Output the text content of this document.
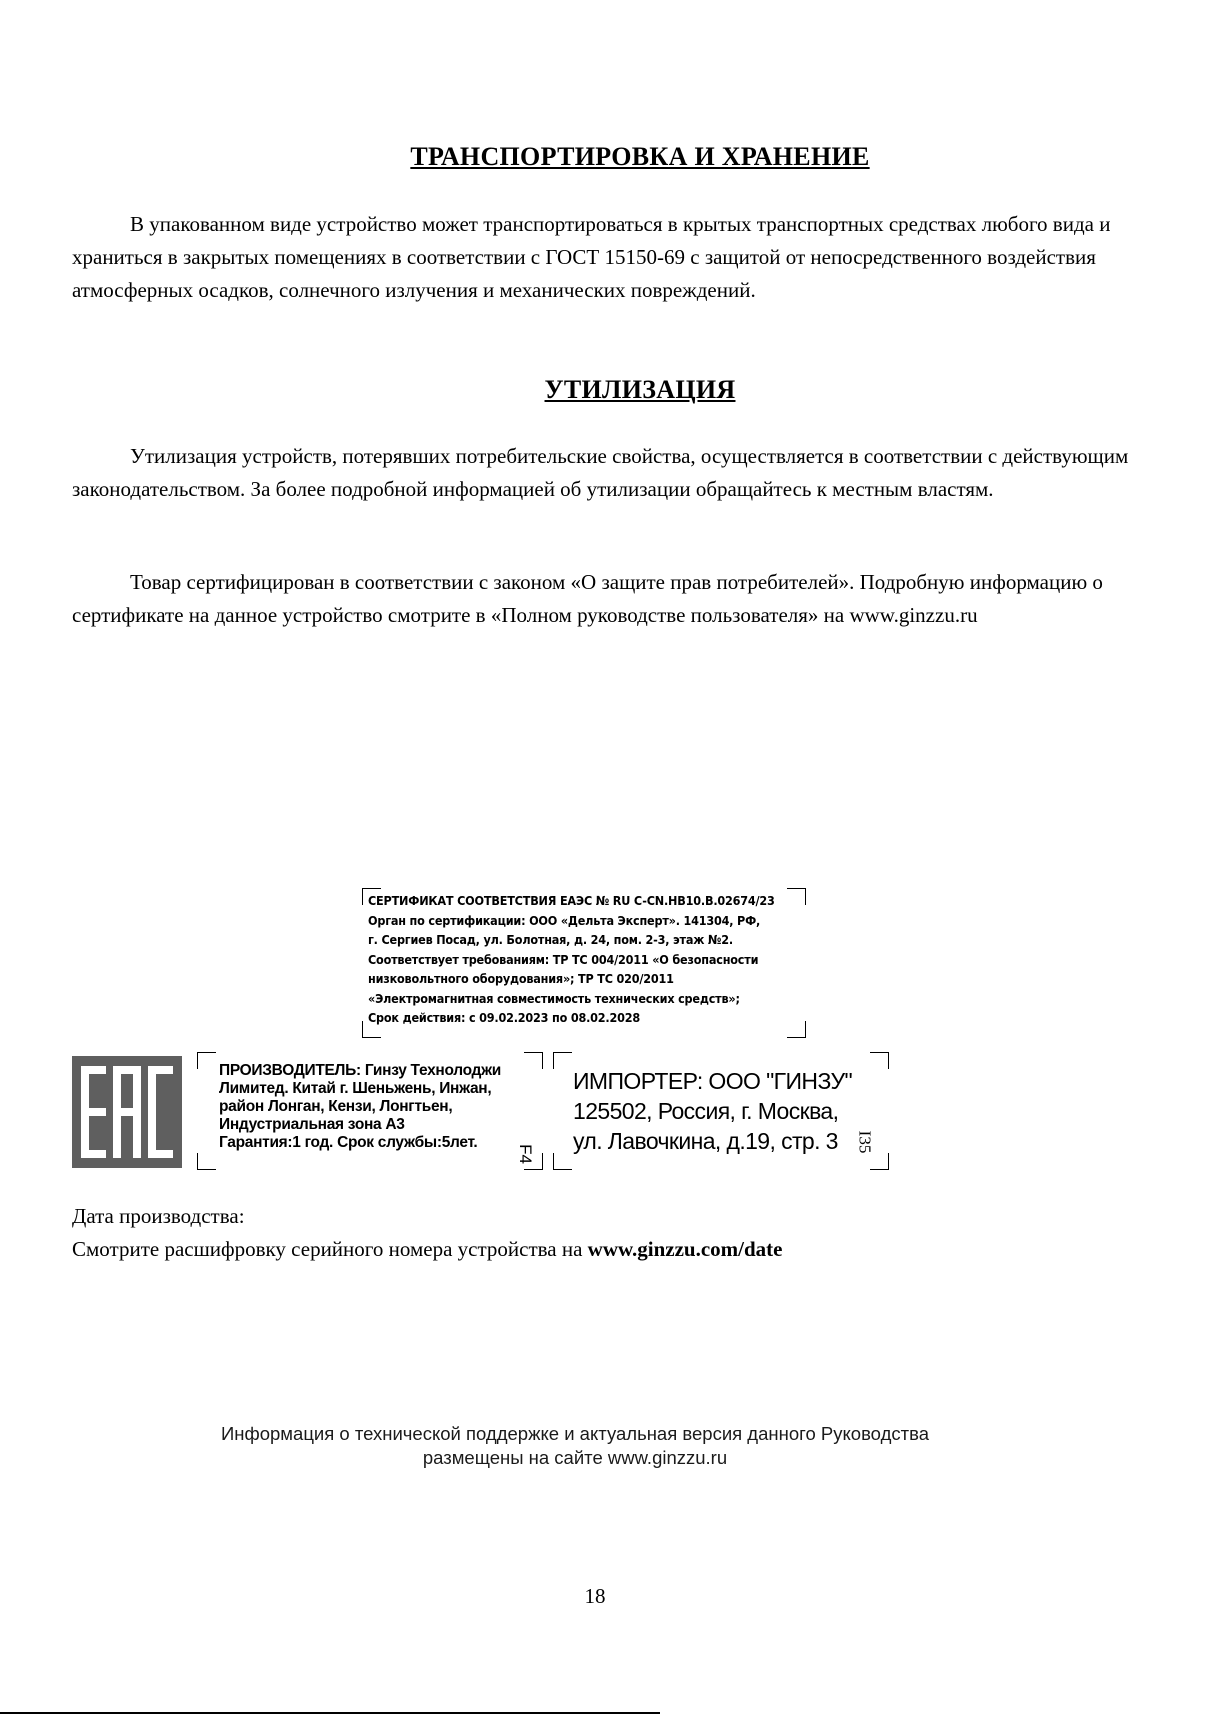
ТРАНСПОРТИРОВКА И ХРАНЕНИЕ

В упакованном виде устройство может транспортироваться в крытых транспортных средствах любого вида и храниться в закрытых помещениях в соответствии с ГОСТ 15150-69 с защитой от непосредственного воздействия атмосферных осадков, солнечного излучения и механических повреждений.

УТИЛИЗАЦИЯ

Утилизация устройств, потерявших потребительские свойства, осуществляется в соответствии с действующим законодательством. За более подробной информацией об утилизации обращайтесь к местным властям.

Товар сертифицирован в соответствии с законом «О защите прав потребителей». Подробную информацию о сертификате на данное устройство смотрите в «Полном руководстве пользователя» на www.ginzzu.ru

СЕРТИФИКАТ СООТВЕТСТВИЯ ЕАЭС № RU C-CN.HB10.B.02674/23
Орган по сертификации: ООО «Дельта Эксперт». 141304, РФ,
г. Сергиев Посад, ул. Болотная, д. 24, пом. 2-3, этаж №2.
Соответствует требованиям: ТР ТС 004/2011 «О безопасности
низковольтного оборудования»; ТР ТС 020/2011
«Электромагнитная совместимость технических средств»;
Срок действия: с 09.02.2023 по 08.02.2028
ПРОИЗВОДИТЕЛЬ: Гинзу Технолоджи
Лимитед. Китай г. Шеньжень, Инжан,
район Лонган, Кензи, Лонгтьен,
Индустриальная зона А3
Гарантия:1 год. Срок службы:5лет.
F4
ИМПОРТЕР: ООО "ГИНЗУ"
125502, Россия, г. Москва,
ул. Лавочкина, д.19, стр. 3	I35
Дата производства:
Смотрите расшифровку серийного номера устройства на www.ginzzu.com/date
Информация о технической поддержке и актуальная версия данного Руководства
размещены на сайте www.ginzzu.ru
18
